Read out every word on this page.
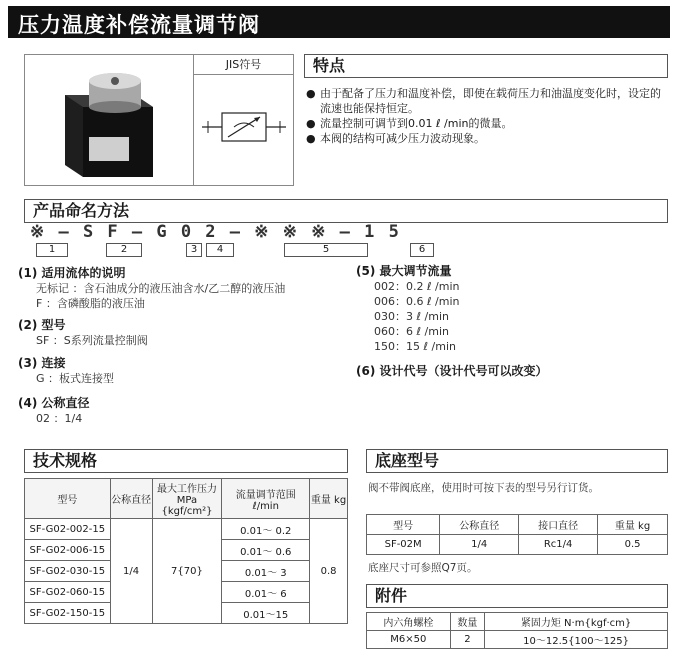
压力温度补偿流量调节阀
JIS符号	特点
● 由于配备了压力和温度补偿，即使在载荷压力和油温度变化时，设定的流速也能保持恒定。
● 流量控制可调节到0.01 ℓ /min的微量。
● 本阀的结构可减少压力波动现象。
产品命名方法
※ — S F — G 0 2 — ※ ※ ※ — 1 5
1	2	3	4	5	6
(1) 适用流体的说明
无标记 ：含石油成分的液压油含水/乙二醇的液压油
F ：含磷酸脂的液压油
(2) 型号
SF ：S系列流量控制阀
(3) 连接
G ：板式连接型
(4) 公称直径
02 ：1/4
(5) 最大调节流量
002：0.2 ℓ /min
006：0.6 ℓ /min
030：3 ℓ /min
060：6 ℓ /min
150：15 ℓ /min
(6) 设计代号（设计代号可以改变）
技术规格
型号	公称直径	最大工作压力 MPa {kgf/cm²}	流量调节范围 ℓ/min	重量 kg
SF-G02-002-15	1/4	7{70}	0.01～ 0.2	0.8
SF-G02-006-15			0.01～ 0.6	
SF-G02-030-15			0.01～ 3	
SF-G02-060-15			0.01～ 6	
SF-G02-150-15			0.01～15	
底座型号
阀不带阀底座，使用时可按下表的型号另行订货。
型号	公称直径	接口直径	重量 kg
SF-02M	1/4	Rc1/4	0.5
底座尺寸可参照Q7页。
附件
内六角螺栓	数量	紧固力矩 N·m{kgf·cm}
M6×50	2	10～12.5{100～125}
